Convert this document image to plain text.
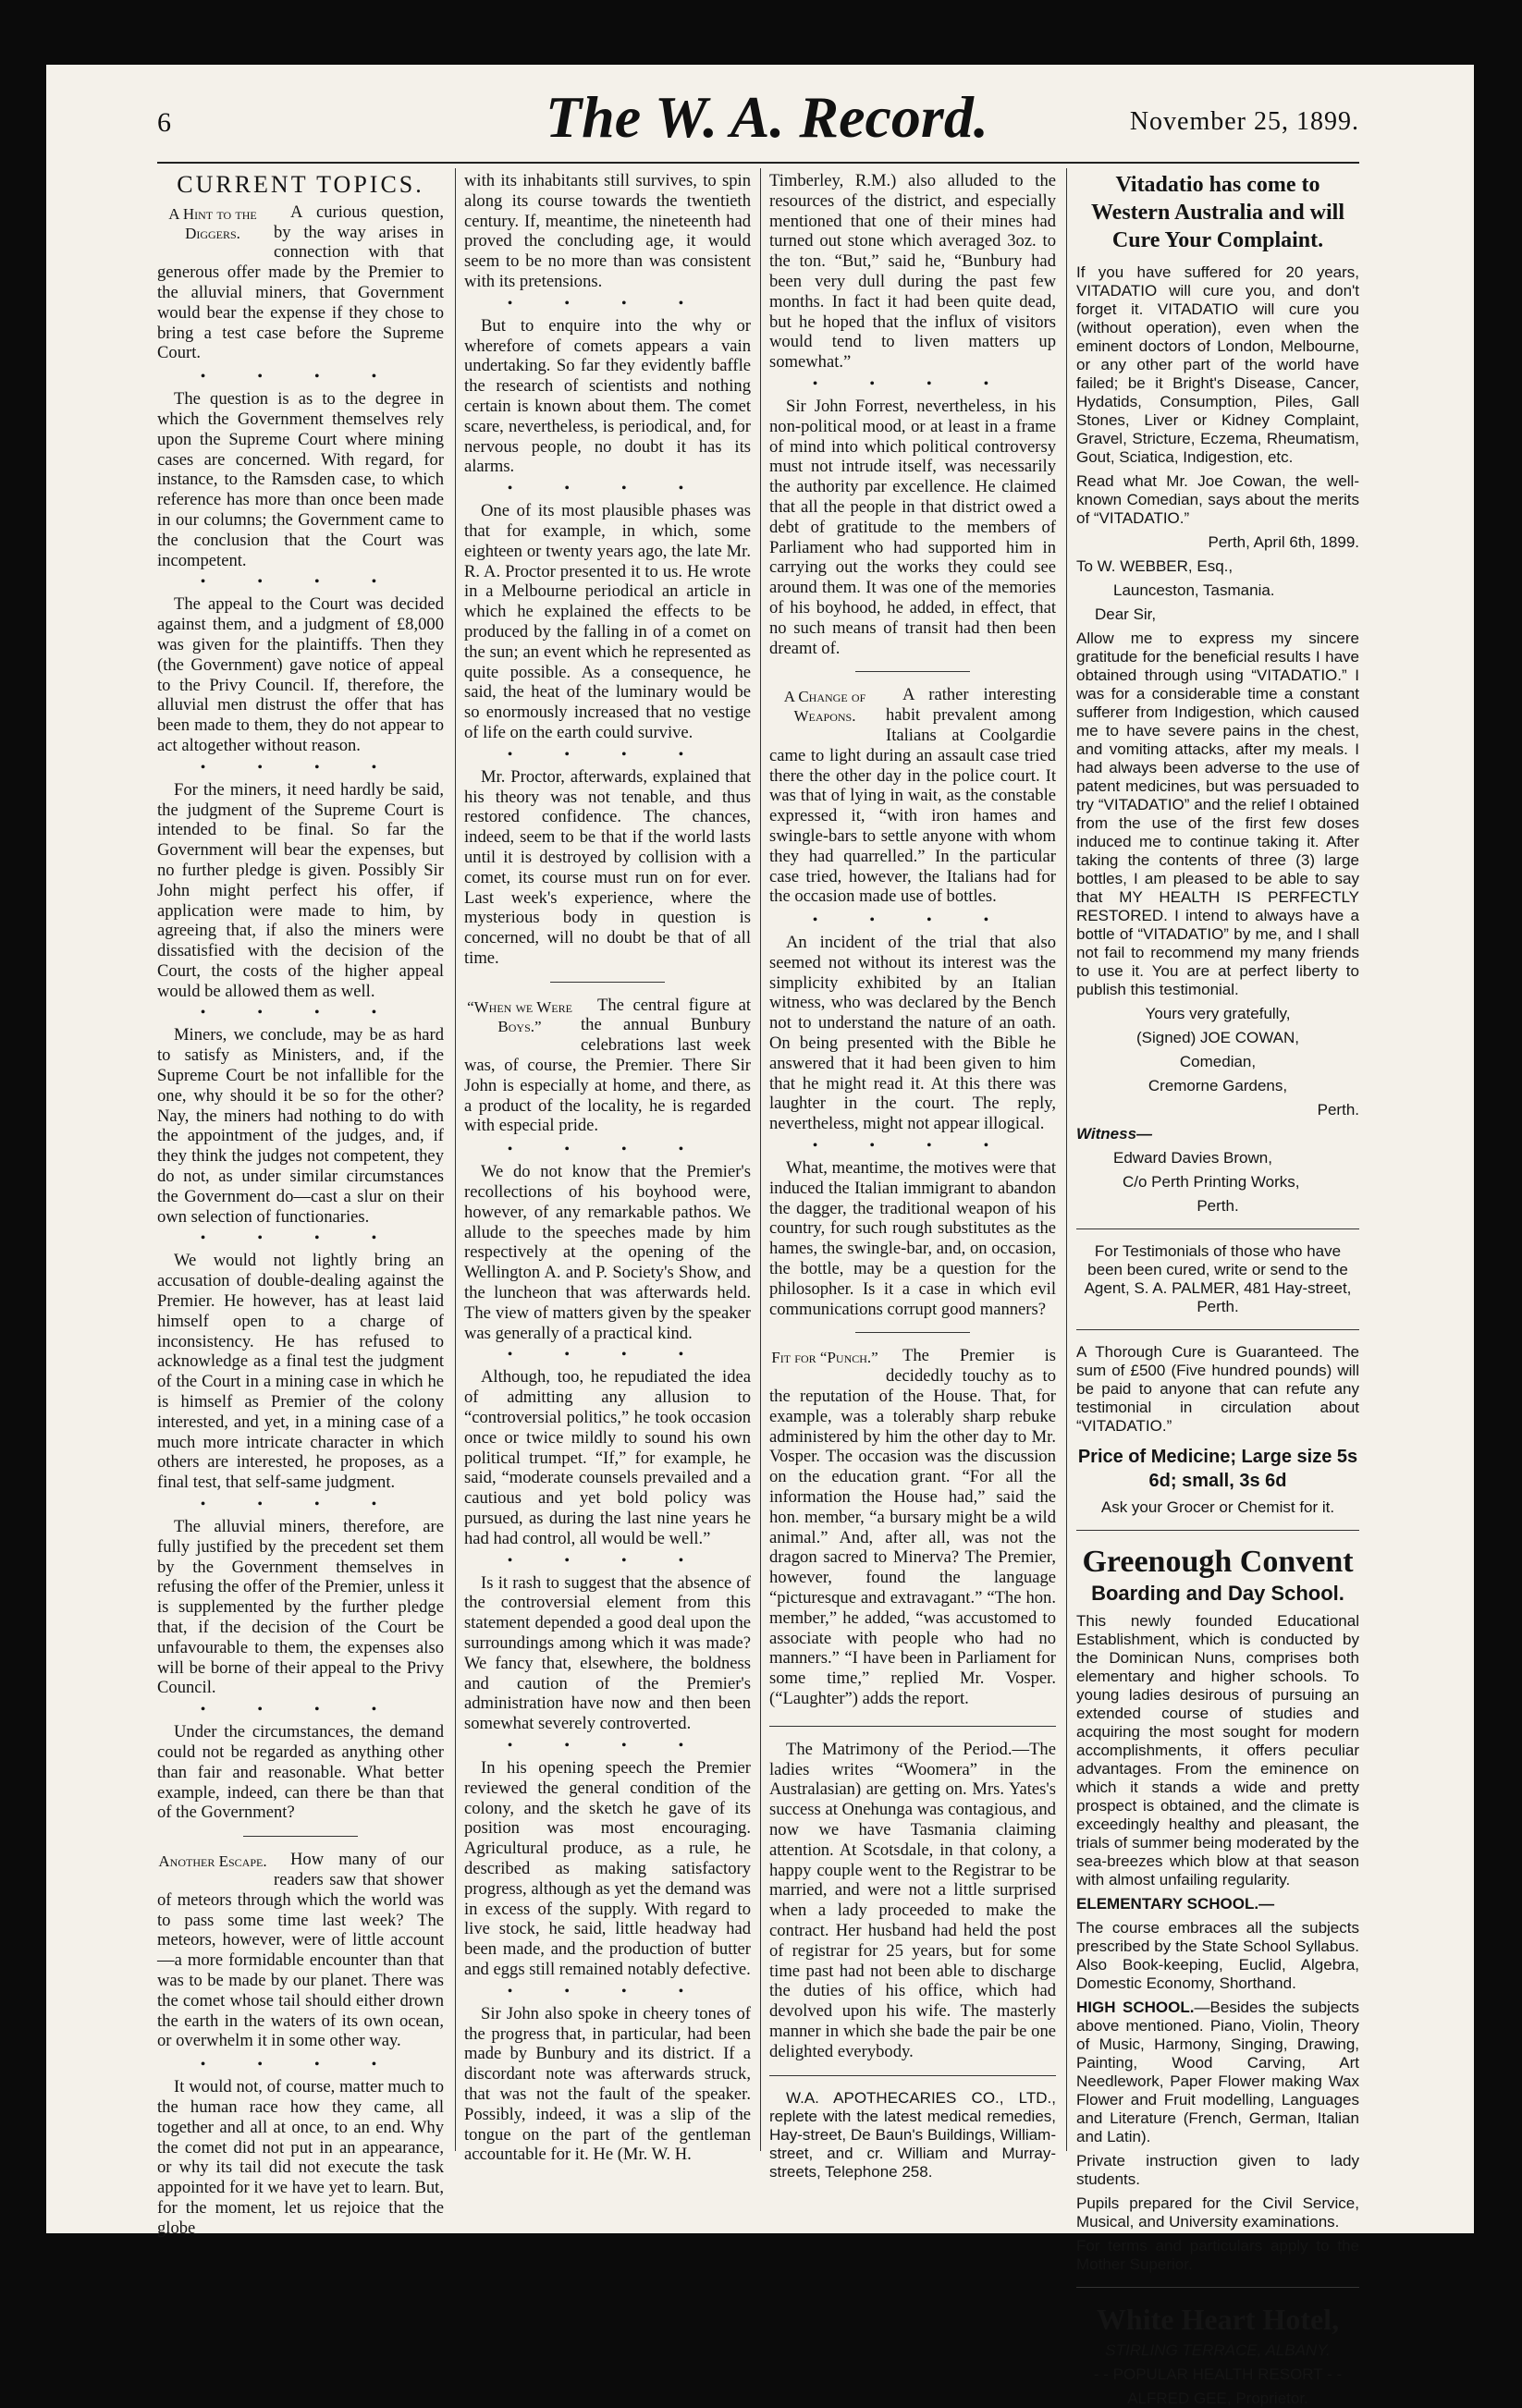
6	The W. A. Record.	November 25, 1899.
CURRENT TOPICS.
A Hint to the Diggers.

A curious question, by the way arises in connection with that generous offer made by the Premier to the alluvial miners, that Government would bear the expense if they chose to bring a test case before the Supreme Court.

• • • •

The question is as to the degree in which the Government themselves rely upon the Supreme Court where mining cases are concerned. With regard, for instance, to the Ramsden case, to which reference has more than once been made in our columns; the Government came to the conclusion that the Court was incompetent.

• • • •

The appeal to the Court was decided against them, and a judgment of £8,000 was given for the plaintiffs. Then they (the Government) gave notice of appeal to the Privy Council. If, therefore, the alluvial men distrust the offer that has been made to them, they do not appear to act altogether without reason.

• • • •

For the miners, it need hardly be said, the judgment of the Supreme Court is intended to be final. So far the Government will bear the expenses, but no further pledge is given. Possibly Sir John might perfect his offer, if application were made to him, by agreeing that, if also the miners were dissatisfied with the decision of the Court, the costs of the higher appeal would be allowed them as well.

• • • •

Miners, we conclude, may be as hard to satisfy as Ministers, and, if the Supreme Court be not infallible for the one, why should it be so for the other? Nay, the miners had nothing to do with the appointment of the judges, and, if they think the judges not competent, they do not, as under similar circumstances the Government do—cast a slur on their own selection of functionaries.

• • • •

We would not lightly bring an accusation of double-dealing against the Premier. He however, has at least laid himself open to a charge of inconsistency. He has refused to acknowledge as a final test the judgment of the Court in a mining case in which he is himself as Premier of the colony interested, and yet, in a mining case of a much more intricate character in which others are interested, he proposes, as a final test, that self-same judgment.

• • • •

The alluvial miners, therefore, are fully justified by the precedent set them by the Government themselves in refusing the offer of the Premier, unless it is supplemented by the further pledge that, if the decision of the Court be unfavourable to them, the expenses also will be borne of their appeal to the Privy Council.

• • • •

Under the circumstances, the demand could not be regarded as anything other than fair and reasonable. What better example, indeed, can there be than that of the Government?

Another Escape.	How many of our readers saw that shower of meteors through which the world was to pass some time last week? The meteors, however, were of little account—a more formidable encounter than that was to be made by our planet. There was the comet whose tail should either drown the earth in the waters of its own ocean, or overwhelm it in some other way.

• • • •

It would not, of course, matter much to the human race how they came, all together and all at once, to an end. Why the comet did not put in an appearance, or why its tail did not execute the task appointed for it we have yet to learn. But, for the moment, let us rejoice that the globe

with its inhabitants still survives, to spin along its course towards the twentieth century. If, meantime, the nineteenth had proved the concluding age, it would seem to be no more than was consistent with its pretensions.

• • • •

But to enquire into the why or wherefore of comets appears a vain undertaking. So far they evidently baffle the research of scientists and nothing certain is known about them. The comet scare, nevertheless, is periodical, and, for nervous people, no doubt it has its alarms.

• • • •

One of its most plausible phases was that for example, in which, some eighteen or twenty years ago, the late Mr. R. A. Proctor presented it to us. He wrote in a Melbourne periodical an article in which he explained the effects to be produced by the falling in of a comet on the sun; an event which he represented as quite possible. As a consequence, he said, the heat of the luminary would be so enormously increased that no vestige of life on the earth could survive.

• • • •

Mr. Proctor, afterwards, explained that his theory was not tenable, and thus restored confidence. The chances, indeed, seem to be that if the world lasts until it is destroyed by collision with a comet, its course must run on for ever. Last week's experience, where the mysterious body in question is concerned, will no doubt be that of all time.

“When we Were Boys.”

The central figure at the annual Bunbury celebrations last week was, of course, the Premier. There Sir John is especially at home, and there, as a product of the locality, he is regarded with especial pride.

• • • •

We do not know that the Premier's recollections of his boyhood were, however, of any remarkable pathos. We allude to the speeches made by him respectively at the opening of the Wellington A. and P. Society's Show, and the luncheon that was afterwards held. The view of matters given by the speaker was generally of a practical kind.

• • • •

Although, too, he repudiated the idea of admitting any allusion to “controversial politics,” he took occasion once or twice mildly to sound his own political trumpet. “If,” for example, he said, “moderate counsels prevailed and a cautious and yet bold policy was pursued, as during the last nine years he had had control, all would be well.”

• • • •

Is it rash to suggest that the absence of the controversial element from this statement depended a good deal upon the surroundings among which it was made? We fancy that, elsewhere, the boldness and caution of the Premier's administration have now and then been somewhat severely controverted.

• • • •

In his opening speech the Premier reviewed the general condition of the colony, and the sketch he gave of its position was most encouraging. Agricultural produce, as a rule, he described as making satisfactory progress, although as yet the demand was in excess of the supply. With regard to live stock, he said, little headway had been made, and the production of butter and eggs still remained notably defective.

• • • •

Sir John also spoke in cheery tones of the progress that, in particular, had been made by Bunbury and its district. If a discordant note was afterwards struck, that was not the fault of the speaker. Possibly, indeed, it was a slip of the tongue on the part of the gentleman accountable for it. He (Mr. W. H.

Timberley, R.M.) also alluded to the resources of the district, and especially mentioned that one of their mines had turned out stone which averaged 3oz. to the ton. “But,” said he, “Bunbury had been very dull during the past few months. In fact it had been quite dead, but he hoped that the influx of visitors would tend to liven matters up somewhat.”

• • • •

Sir John Forrest, nevertheless, in his non-political mood, or at least in a frame of mind into which political controversy must not intrude itself, was necessarily the authority par excellence. He claimed that all the people in that district owed a debt of gratitude to the members of Parliament who had supported him in carrying out the works they could see around them. It was one of the memories of his boyhood, he added, in effect, that no such means of transit had then been dreamt of.

A Change of Weapons.

A rather interesting habit prevalent among Italians at Coolgardie came to light during an assault case tried there the other day in the police court. It was that of lying in wait, as the constable expressed it, “with iron hames and swingle-bars to settle anyone with whom they had quarrelled.” In the particular case tried, however, the Italians had for the occasion made use of bottles.

• • • •

An incident of the trial that also seemed not without its interest was the simplicity exhibited by an Italian witness, who was declared by the Bench not to understand the nature of an oath. On being presented with the Bible he answered that it had been given to him that he might read it. At this there was laughter in the court. The reply, nevertheless, might not appear illogical.

• • • •

What, meantime, the motives were that induced the Italian immigrant to abandon the dagger, the traditional weapon of his country, for such rough substitutes as the hames, the swingle-bar, and, on occasion, the bottle, may be a question for the philosopher. Is it a case in which evil communications corrupt good manners?

Fit for “Punch.”	The Premier is decidedly touchy as to the reputation of the House. That, for example, was a tolerably sharp rebuke administered by him the other day to Mr. Vosper. The occasion was the discussion on the education grant. “For all the information the House had,” said the hon. member, “a bursary might be a wild animal.” And, after all, was not the dragon sacred to Minerva? The Premier, however, found the language “picturesque and extravagant.” “The hon. member,” he added, “was accustomed to associate with people who had no manners.” “I have been in Parliament for some time,” replied Mr. Vosper. (“Laughter”) adds the report.

The Matrimony of the Period.—The ladies writes “Woomera” in the Australasian) are getting on. Mrs. Yates's success at Onehunga was contagious, and now we have Tasmania claiming attention. At Scotsdale, in that colony, a happy couple went to the Registrar to be married, and were not a little surprised when a lady proceeded to make the contract. Her husband had held the post of registrar for 25 years, but for some time past had not been able to discharge the duties of his office, which had devolved upon his wife. The masterly manner in which she bade the pair be one delighted everybody.

W.A. APOTHECARIES CO., LTD., replete with the latest medical remedies, Hay-street, De Baun's Buildings, William-street, and cr. William and Murray-streets, Telephone 258.

Vitadatio has come to Western Australia and will Cure Your Complaint.

If you have suffered for 20 years, VITADATIO will cure you, and don't forget it. VITADATIO will cure you (without operation), even when the eminent doctors of London, Melbourne, or any other part of the world have failed; be it Bright's Disease, Cancer, Hydatids, Consumption, Piles, Gall Stones, Liver or Kidney Complaint, Gravel, Stricture, Eczema, Rheumatism, Gout, Sciatica, Indigestion, etc.

Read what Mr. Joe Cowan, the well-known Comedian, says about the merits of “VITADATIO.”

Perth, April 6th, 1899.

To W. WEBBER, Esq.,

Launceston, Tasmania.

Dear Sir,

Allow me to express my sincere gratitude for the beneficial results I have obtained through using “VITADATIO.” I was for a considerable time a constant sufferer from Indigestion, which caused me to have severe pains in the chest, and vomiting attacks, after my meals. I had always been adverse to the use of patent medicines, but was persuaded to try “VITADATIO” and the relief I obtained from the use of the first few doses induced me to continue taking it. After taking the contents of three (3) large bottles, I am pleased to be able to say that MY HEALTH IS PERFECTLY RESTORED. I intend to always have a bottle of “VITADATIO” by me, and I shall not fail to recommend my many friends to use it. You are at perfect liberty to publish this testimonial.

Yours very gratefully,

(Signed) JOE COWAN,

Comedian,

Cremorne Gardens,

Perth.

Witness—

Edward Davies Brown,

C/o Perth Printing Works,

Perth.

For Testimonials of those who have been been cured, write or send to the Agent, S. A. PALMER, 481 Hay-street, Perth.

A Thorough Cure is Guaranteed. The sum of £500 (Five hundred pounds) will be paid to anyone that can refute any testimonial in circulation about “VITADATIO.”

Price of Medicine; Large size 5s 6d; small, 3s 6d

Ask your Grocer or Chemist for it.

Greenough Convent
Boarding and Day School.

This newly founded Educational Establishment, which is conducted by the Dominican Nuns, comprises both elementary and higher schools. To young ladies desirous of pursuing an extended course of studies and acquiring the most sought for modern accomplishments, it offers peculiar advantages. From the eminence on which it stands a wide and pretty prospect is obtained, and the climate is exceedingly healthy and pleasant, the trials of summer being moderated by the sea-breezes which blow at that season with almost unfailing regularity.

ELEMENTARY SCHOOL.—

The course embraces all the subjects prescribed by the State School Syllabus. Also Book-keeping, Euclid, Algebra, Domestic Economy, Shorthand.

HIGH SCHOOL.—Besides the subjects above mentioned. Piano, Violin, Theory of Music, Harmony, Singing, Drawing, Painting, Wood Carving, Art Needlework, Paper Flower making Wax Flower and Fruit modelling, Languages and Literature (French, German, Italian and Latin).

Private instruction given to lady students.

Pupils prepared for the Civil Service, Musical, and University examinations.

For terms and particulars apply to the Mother Superior.

White Heart Hotel,

STIRLING TERRACE, ALBANY.

- - POPULAR HEALTH RESORT - -

ALFRED GEE, Proprietor.
